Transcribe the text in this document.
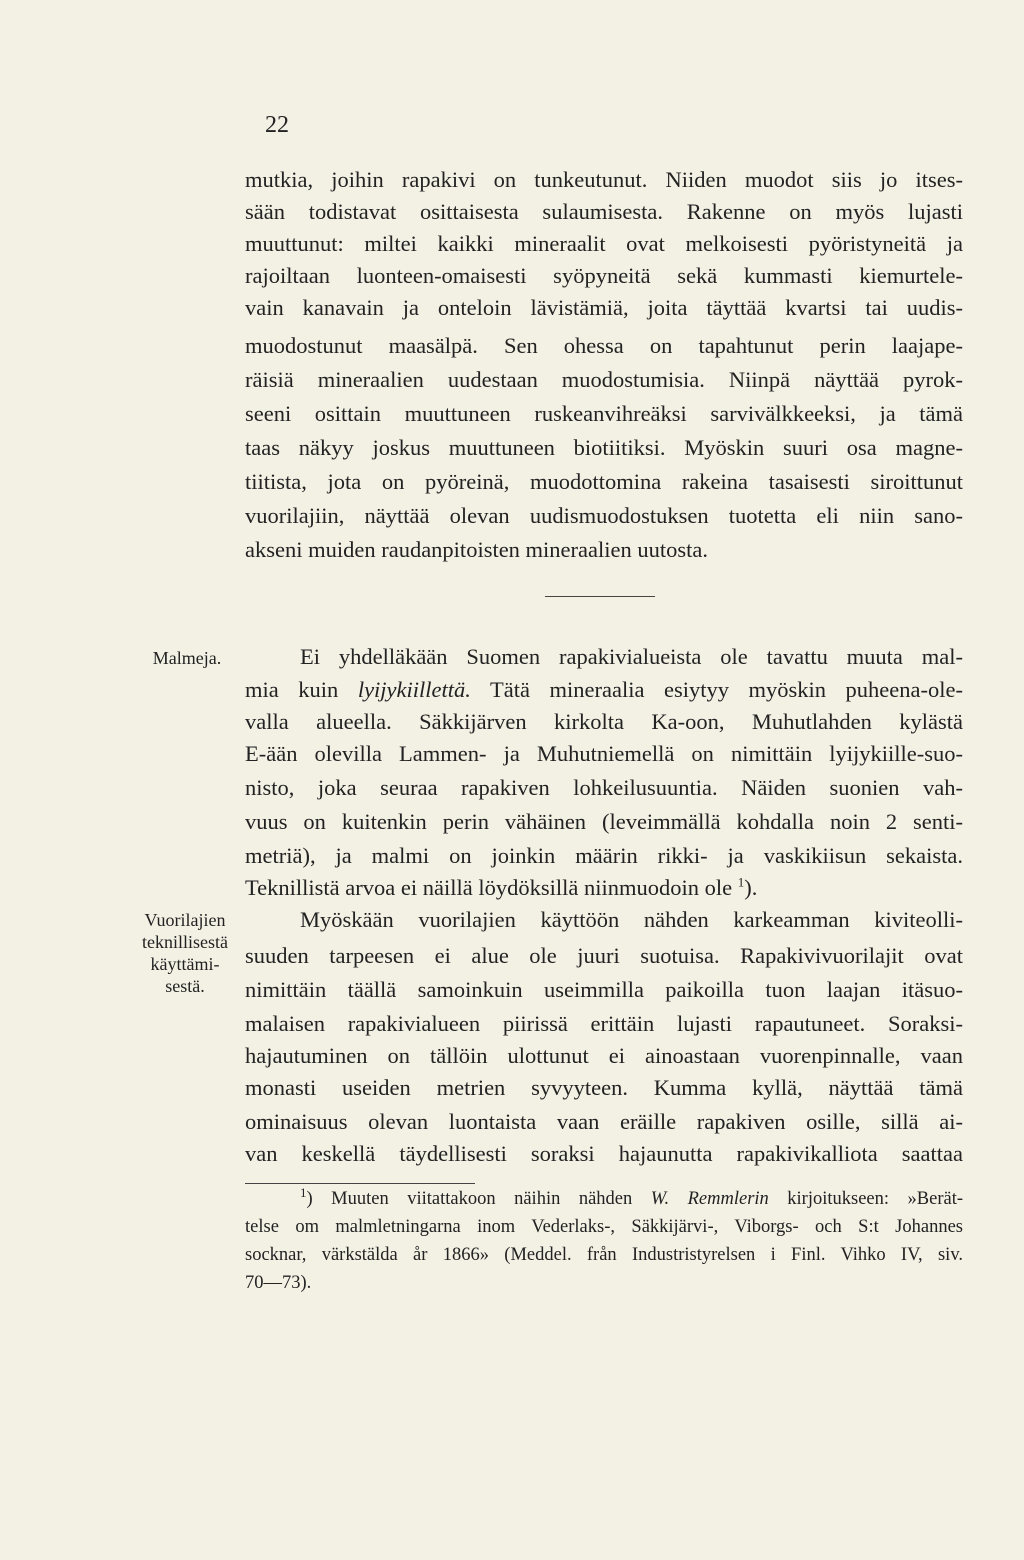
22
mutkia, joihin rapakivi on tunkeutunut. Niiden muodot siis jo itses-
sään todistavat osittaisesta sulaumisesta. Rakenne on myös lujasti
muuttunut: miltei kaikki mineraalit ovat melkoisesti pyöristyneitä ja
rajoiltaan luonteen-omaisesti syöpyneitä sekä kummasti kiemurtele-
vain kanavain ja onteloin lävistämiä, joita täyttää kvartsi tai uudis-
muodostunut maasälpä. Sen ohessa on tapahtunut perin laajape-
räisiä mineraalien uudestaan muodostumisia. Niinpä näyttää pyrok-
seeni osittain muuttuneen ruskeanvihreäksi sarvivälkkeeksi, ja tämä
taas näkyy joskus muuttuneen biotiitiksi. Myöskin suuri osa magne-
tiitista, jota on pyöreinä, muodottomina rakeina tasaisesti siroittunut
vuorilajiin, näyttää olevan uudismuodostuksen tuotetta eli niin sano-
akseni muiden raudanpitoisten mineraalien uutosta.
Malmeja.	Ei yhdelläkään Suomen rapakivialueista ole tavattu muuta mal-
mia kuin lyijykiillettä. Tätä mineraalia esiytyy myöskin puheena-ole-
valla alueella. Säkkijärven kirkolta Ka-oon, Muhutlahden kylästä
E-ään olevilla Lammen- ja Muhutniemellä on nimittäin lyijykiille-suo-
nisto, joka seuraa rapakiven lohkeilusuuntia. Näiden suonien vah-
vuus on kuitenkin perin vähäinen (leveimmällä kohdalla noin 2 senti-
metriä), ja malmi on joinkin määrin rikki- ja vaskikiisun sekaista.
Teknillistä arvoa ei näillä löydöksillä niinmuodoin ole $^1$).
Vuorilajien
teknillisestä
käyttämi-
sestä.
Myöskään vuorilajien käyttöön nähden karkeamman kiviteolli-
suuden tarpeesen ei alue ole juuri suotuisa. Rapakivivuorilajit ovat
nimittäin täällä samoinkuin useimmilla paikoilla tuon laajan itäsuo-
malaisen rapakivialueen piirissä erittäin lujasti rapautuneet. Soraksi-
hajautuminen on tällöin ulottunut ei ainoastaan vuorenpinnalle, vaan
monasti useiden metrien syvyyteen. Kumma kyllä, näyttää tämä
ominaisuus olevan luontaista vaan eräille rapakiven osille, sillä ai-
van keskellä täydellisesti soraksi hajaunutta rapakivikalliota saattaa
$^1$) Muuten viitattakoon näihin nähden W. Remmlerin kirjoitukseen: »Berät-
telse om malmletningarna inom Vederlaks-, Säkkijärvi-, Viborgs- och S:t Johannes
socknar, värkstälda år 1866» (Meddel. från Industristyrelsen i Finl. Vihko IV, siv.
70—73).
